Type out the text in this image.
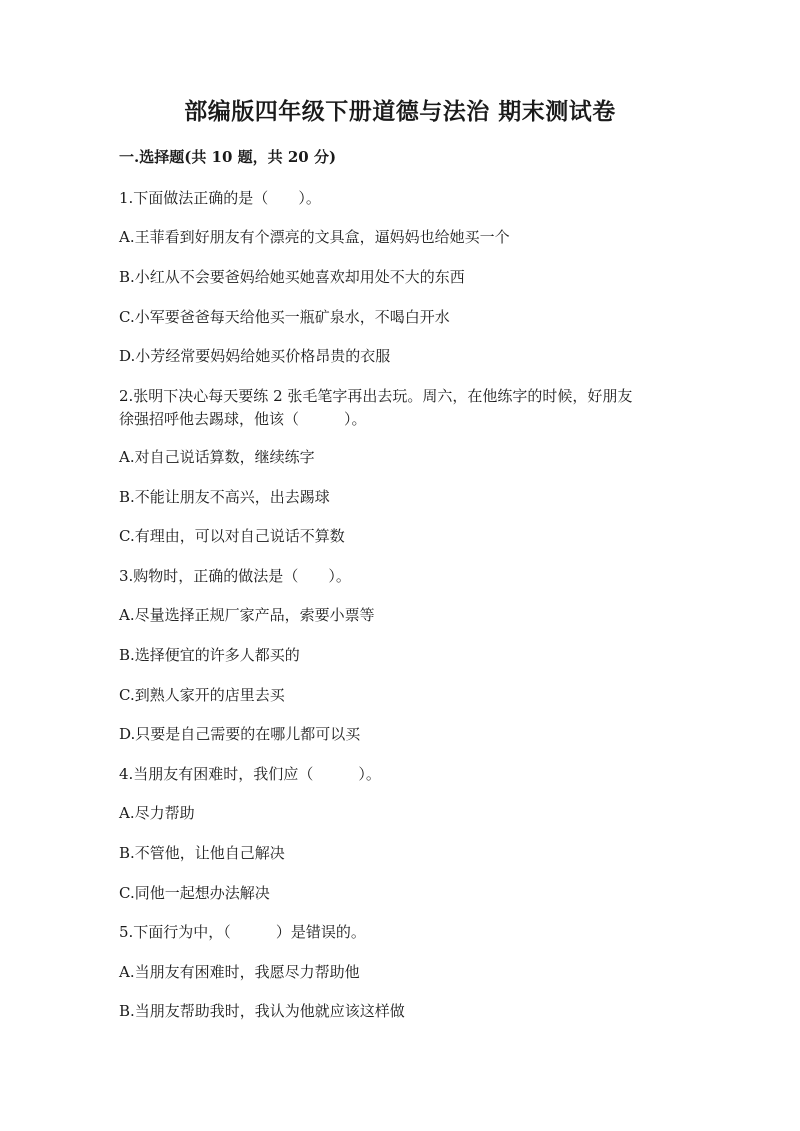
部编版四年级下册道德与法治 期末测试卷
一.选择题(共 10 题，共 20 分)
1.下面做法正确的是（　　）。
A.王菲看到好朋友有个漂亮的文具盒，逼妈妈也给她买一个
B.小红从不会要爸妈给她买她喜欢却用处不大的东西
C.小军要爸爸每天给他买一瓶矿泉水，不喝白开水
D.小芳经常要妈妈给她买价格昂贵的衣服
2.张明下决心每天要练 2 张毛笔字再出去玩。周六，在他练字的时候，好朋友
徐强招呼他去踢球，他该（　　　）。
A.对自己说话算数，继续练字
B.不能让朋友不高兴，出去踢球
C.有理由，可以对自己说话不算数
3.购物时，正确的做法是（　　）。
A.尽量选择正规厂家产品，索要小票等
B.选择便宜的许多人都买的
C.到熟人家开的店里去买
D.只要是自己需要的在哪儿都可以买
4.当朋友有困难时，我们应（　　　）。
A.尽力帮助
B.不管他，让他自己解决
C.同他一起想办法解决
5.下面行为中，（　　　）是错误的。
A.当朋友有困难时，我愿尽力帮助他
B.当朋友帮助我时，我认为他就应该这样做
